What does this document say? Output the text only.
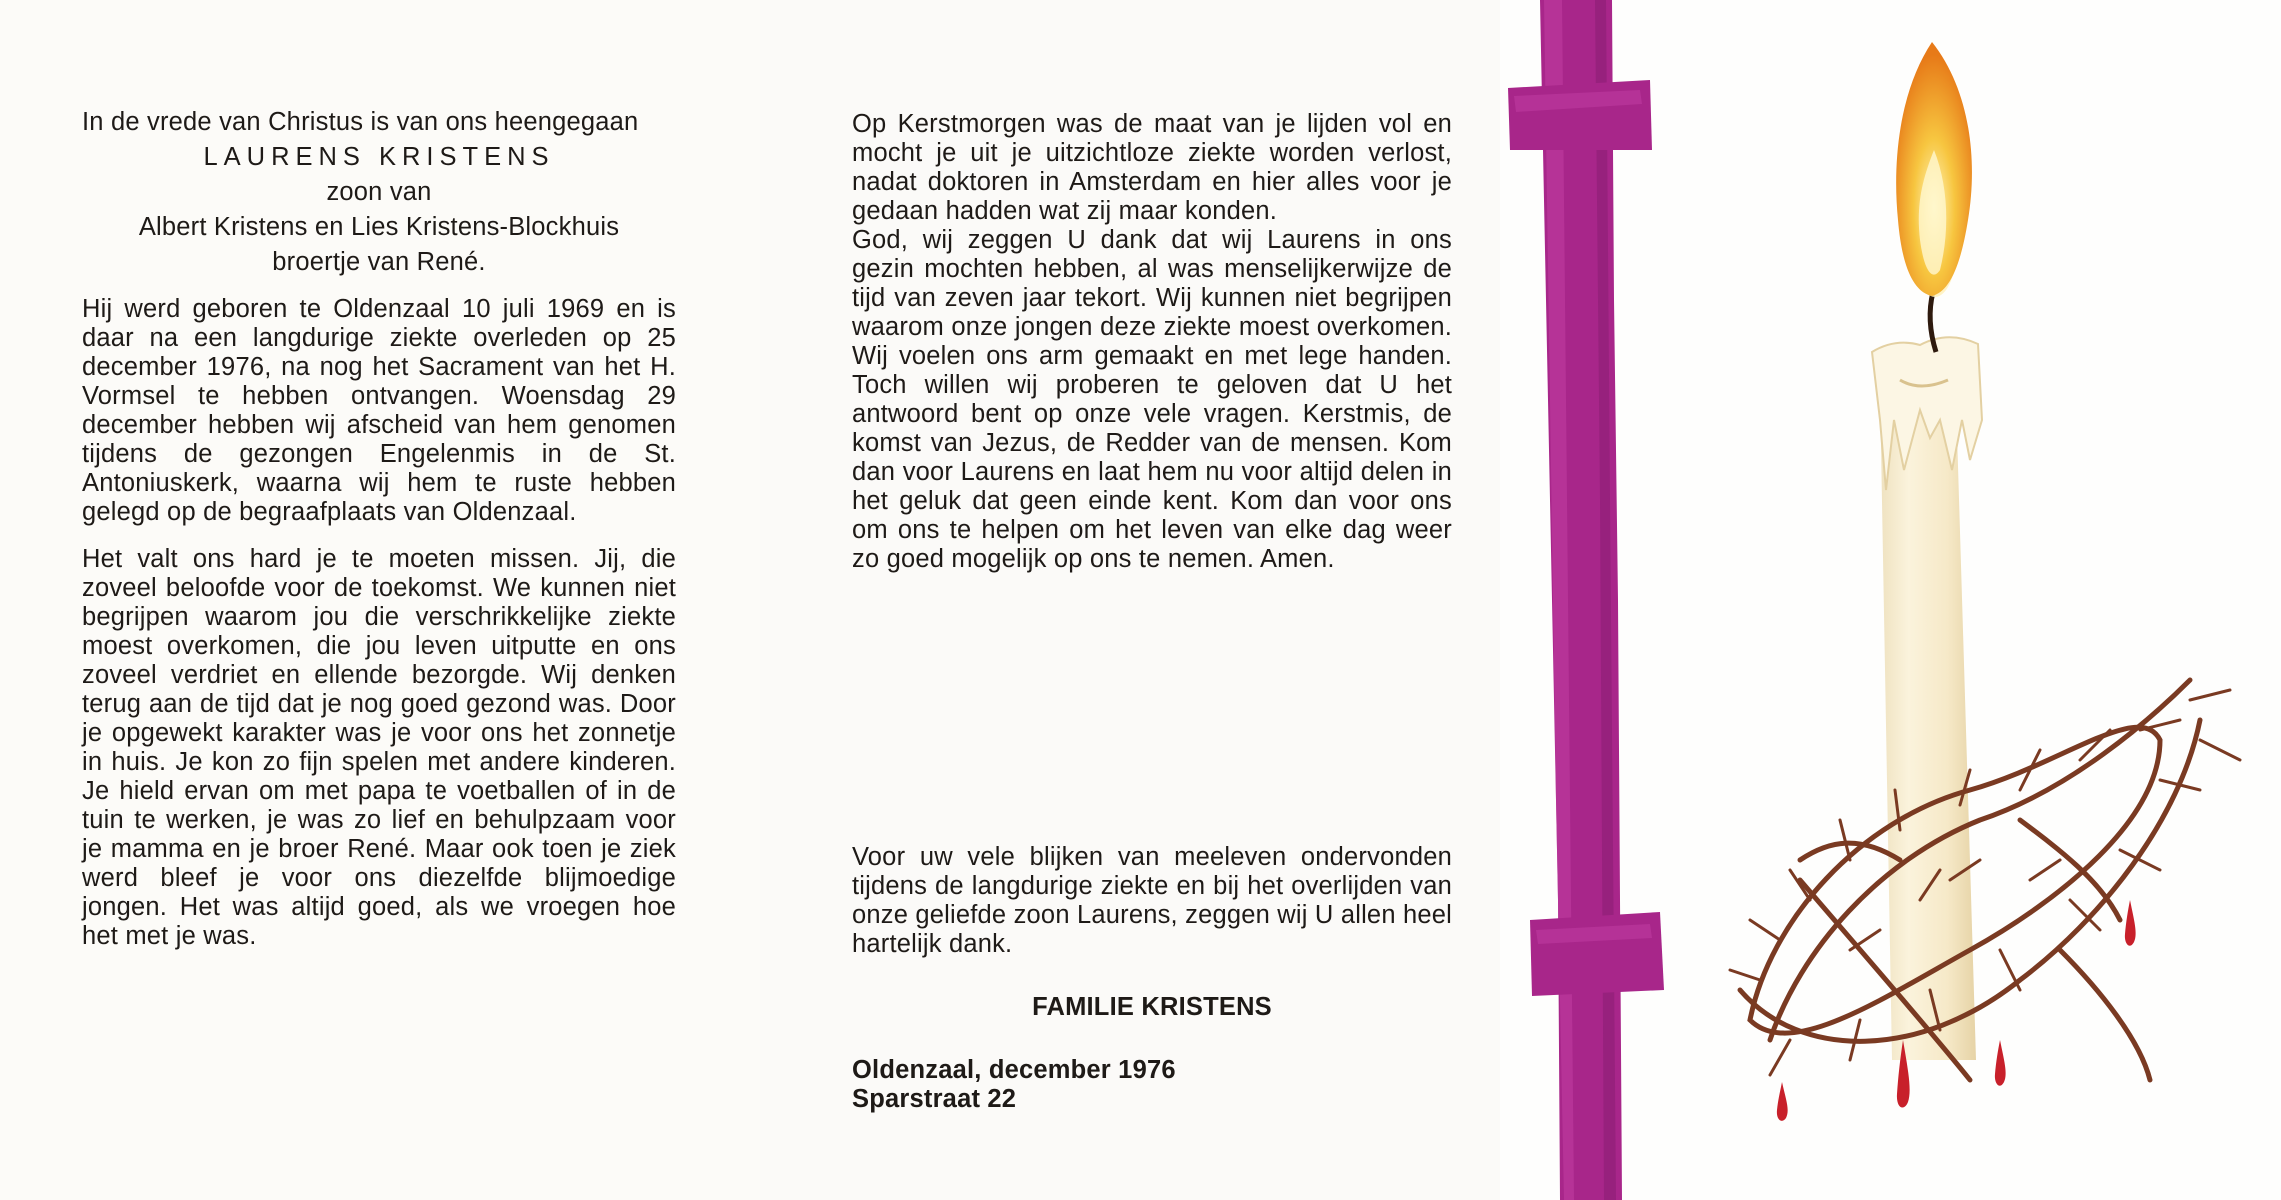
In de vrede van Christus is van ons heengegaan

LAURENS KRISTENS

zoon van

Albert Kristens en Lies Kristens-Blockhuis

broertje van René.

Hij werd geboren te Oldenzaal 10 juli 1969 en is daar na een langdurige ziekte overleden op 25 december 1976, na nog het Sacrament van het H. Vormsel te hebben ontvangen. Woensdag 29 december hebben wij afscheid van hem genomen tijdens de gezongen Engelenmis in de St. Antoniuskerk, waarna wij hem te ruste hebben gelegd op de begraafplaats van Oldenzaal.

Het valt ons hard je te moeten missen. Jij, die zoveel beloofde voor de toekomst. We kunnen niet begrijpen waarom jou die verschrikkelijke ziekte moest overkomen, die jou leven uitputte en ons zoveel verdriet en ellende bezorgde. Wij denken terug aan de tijd dat je nog goed gezond was. Door je opgewekt karakter was je voor ons het zonnetje in huis. Je kon zo fijn spelen met andere kinderen. Je hield ervan om met papa te voetballen of in de tuin te werken, je was zo lief en behulpzaam voor je mamma en je broer René. Maar ook toen je ziek werd bleef je voor ons diezelfde blijmoedige jongen. Het was altijd goed, als we vroegen hoe het met je was.

Op Kerstmorgen was de maat van je lijden vol en mocht je uit je uitzichtloze ziekte worden verlost, nadat doktoren in Amsterdam en hier alles voor je gedaan hadden wat zij maar konden.

God, wij zeggen U dank dat wij Laurens in ons gezin mochten hebben, al was menselijkerwijze de tijd van zeven jaar tekort. Wij kunnen niet begrijpen waarom onze jongen deze ziekte moest overkomen. Wij voelen ons arm gemaakt en met lege handen. Toch willen wij proberen te geloven dat U het antwoord bent op onze vele vragen. Kerstmis, de komst van Jezus, de Redder van de mensen. Kom dan voor Laurens en laat hem nu voor altijd delen in het geluk dat geen einde kent. Kom dan voor ons om ons te helpen om het leven van elke dag weer zo goed mogelijk op ons te nemen. Amen.

Voor uw vele blijken van meeleven ondervonden tijdens de langdurige ziekte en bij het overlijden van onze geliefde zoon Laurens, zeggen wij U allen heel hartelijk dank.

FAMILIE KRISTENS

Oldenzaal, december 1976

Sparstraat 22
